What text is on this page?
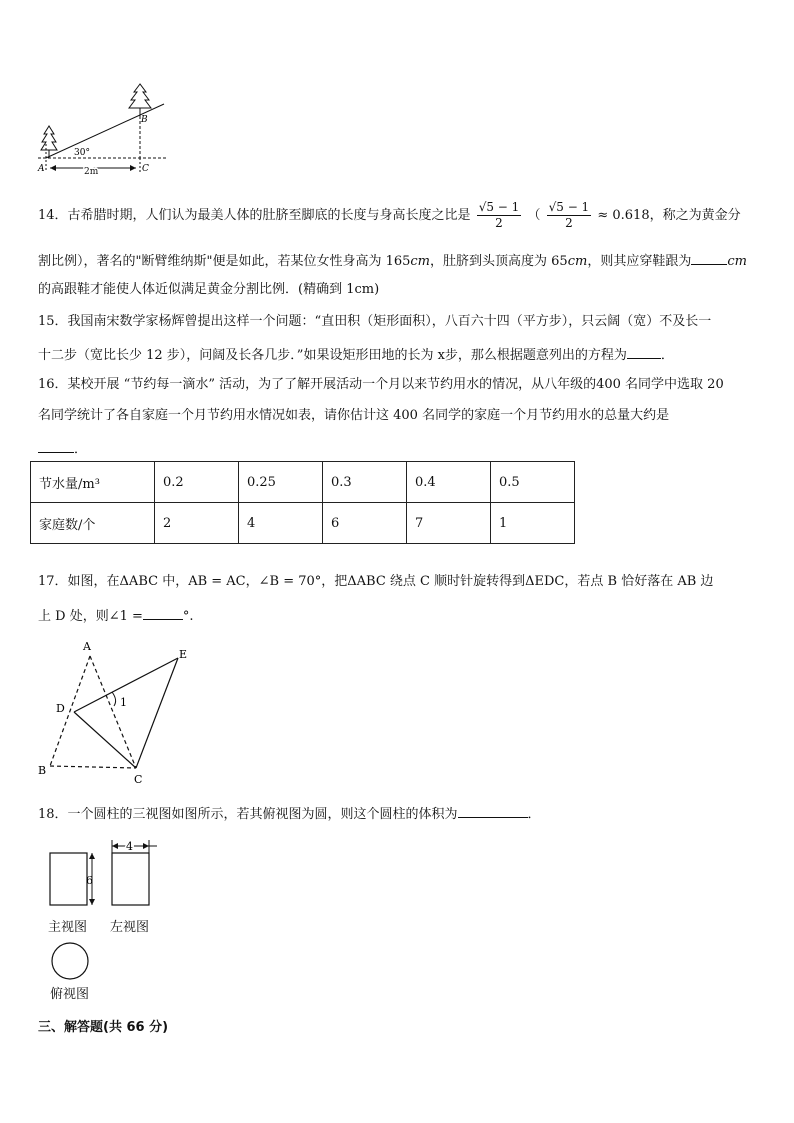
30°
A
B
C
2m
14．古希腊时期，人们认为最美人体的肚脐至脚底的长度与身高长度之比是 $\frac{√5 - 1}{2}$ （ $\frac{√5 - 1}{2} \approx 0.618$，称之为黄金分
割比例），著名的"断臂维纳斯"便是如此，若某位女性身高为 165cm，肚脐到头顶高度为 65cm，则其应穿鞋跟为	cm
的高跟鞋才能使人体近似满足黄金分割比例．(精确到 1cm)
15．我国南宋数学家杨辉曾提出这样一个问题：“直田积（矩形面积），八百六十四（平方步），只云阔（宽）不及长一
十二步（宽比长少 12 步），问阔及长各几步．”如果设矩形田地的长为 x步，那么根据题意列出的方程为	．
16．某校开展 “节约每一滴水” 活动，为了了解开展活动一个月以来节约用水的情况，从八年级的400 名同学中选取 20
名同学统计了各自家庭一个月节约用水情况如表，请你估计这 400 名同学的家庭一个月节约用水的总量大约是
．
节水量/m³	0.2	0.25	0.3	0.4	0.5
家庭数/个	2	4	6	7	1
17．如图，在ΔABC 中，AB = AC，∠B = 70°，把ΔABC 绕点 C 顺时针旋转得到ΔEDC，若点 B 恰好落在 AB 边
上 D 处，则∠1 =	°.
A
E
D	1
B
C
18．一个圆柱的三视图如图所示，若其俯视图为圆，则这个圆柱的体积为	．
6
4
主视图 左视图
俯视图
三、解答题(共 66 分)
